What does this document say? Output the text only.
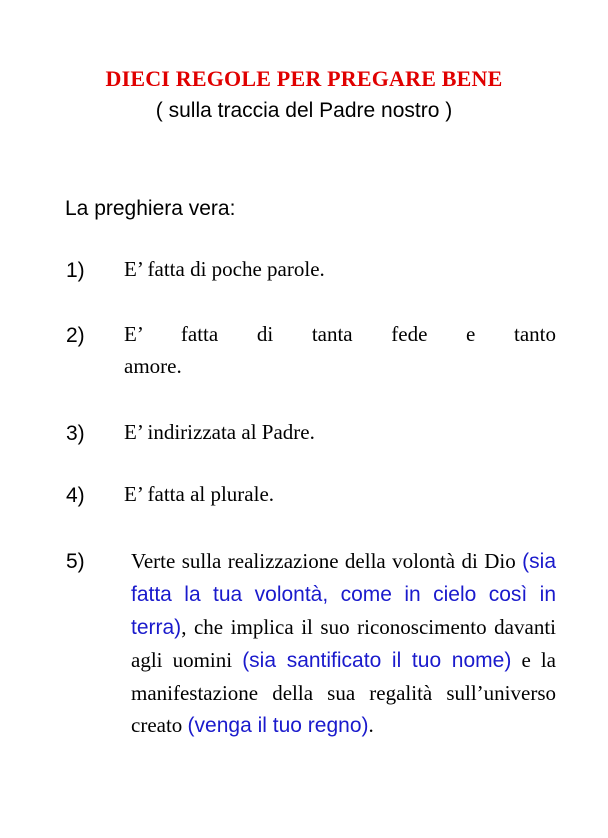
DIECI REGOLE PER PREGARE BENE
( sulla traccia del Padre nostro )
La preghiera vera:
1) E’ fatta di poche parole.
2) E’ fatta di tanta fede e tanto
amore.
3) E’ indirizzata al Padre.
4) E’ fatta al plurale.
5) Verte sulla realizzazione della volontà di Dio (sia fatta la tua volontà, come in cielo così in terra), che implica il suo riconoscimento davanti agli uomini (sia santificato il tuo nome) e la manifestazione della sua regalità sull’universo creato (venga il tuo regno).
